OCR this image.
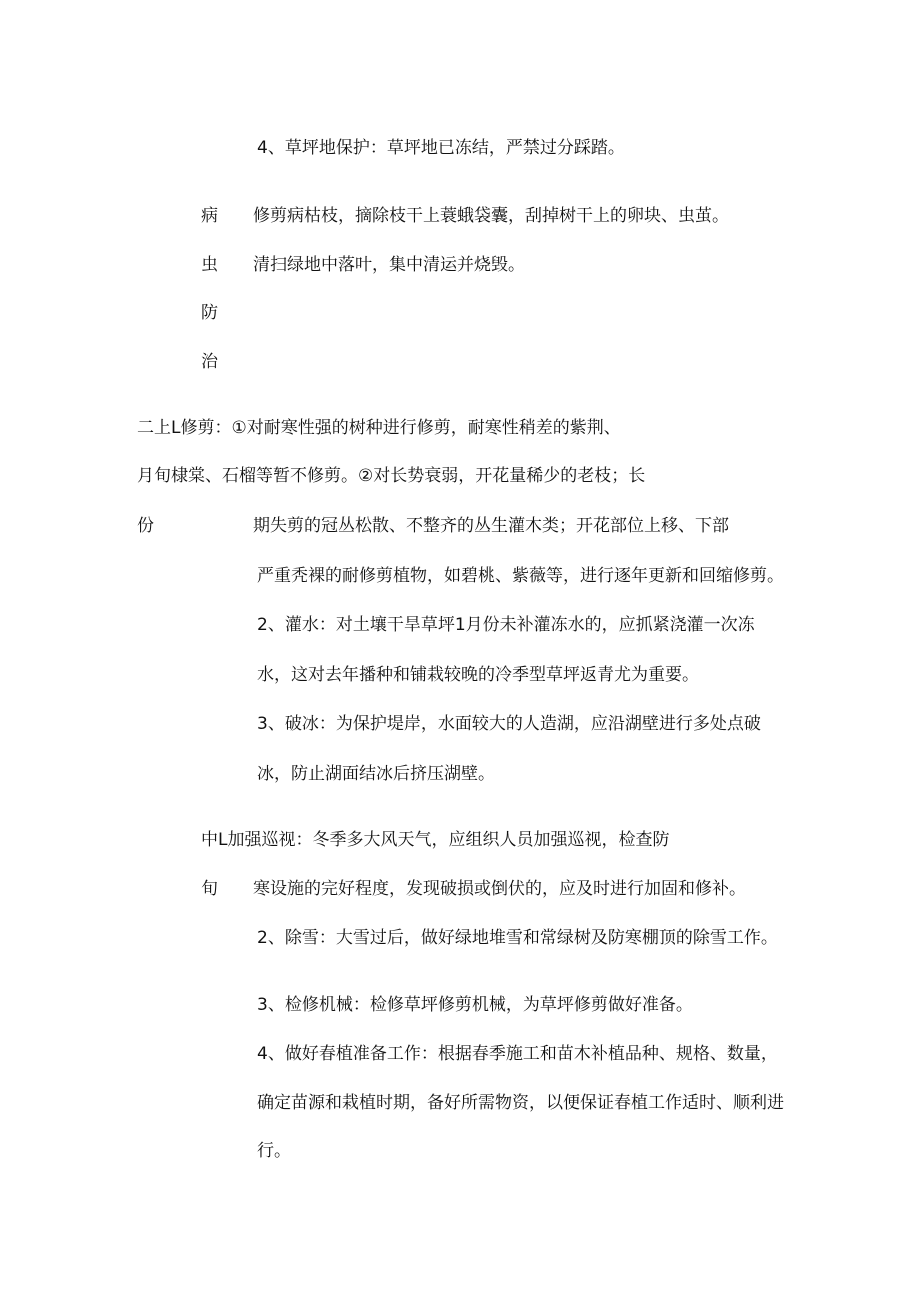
4、草坪地保护：草坪地已冻结，严禁过分踩踏。

病 修剪病枯枝，摘除枝干上蓑蛾袋囊，刮掉树干上的卵块、虫茧。

虫 清扫绿地中落叶，集中清运并烧毁。

防

治

二上L修剪：①对耐寒性强的树种进行修剪，耐寒性稍差的紫荆、

月旬棣棠、石榴等暂不修剪。②对长势衰弱，开花量稀少的老枝；长

份	期失剪的冠丛松散、不整齐的丛生灌木类；开花部位上移、下部

严重秃裸的耐修剪植物，如碧桃、紫薇等，进行逐年更新和回缩修剪。

2、灌水：对土壤干旱草坪1月份未补灌冻水的，应抓紧浇灌一次冻

水，这对去年播种和铺栽较晚的冷季型草坪返青尤为重要。

3、破冰：为保护堤岸，水面较大的人造湖，应沿湖壁进行多处点破

冰，防止湖面结冰后挤压湖壁。

中L加强巡视：冬季多大风天气，应组织人员加强巡视，检查防

旬 寒设施的完好程度，发现破损或倒伏的，应及时进行加固和修补。

2、除雪：大雪过后，做好绿地堆雪和常绿树及防寒棚顶的除雪工作。

3、检修机械：检修草坪修剪机械，为草坪修剪做好准备。

4、做好春植准备工作：根据春季施工和苗木补植品种、规格、数量，

确定苗源和栽植时期，备好所需物资，以便保证春植工作适时、顺利进

行。
